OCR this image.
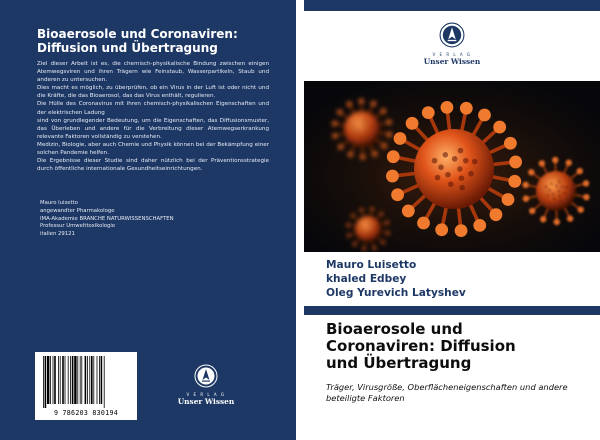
Bioaerosole und Coronaviren:
Diffusion und Übertragung

Ziel dieser Arbeit ist es, die chemisch-physikalische Bindung zwischen einigen Atemwegsviren und ihren Trägern wie Feinstaub, Wasserpartikeln, Staub und anderen zu untersuchen.

Dies macht es möglich, zu überprüfen, ob ein Virus in der Luft ist oder nicht und die Kräfte, die das Bioaerosol, das das Virus enthält, regulieren.

Die Hülle des Coronavirus mit ihren chemisch-physikalischen Eigenschaften und der elektrischen Ladung

sind von grundlegender Bedeutung, um die Eigenschaften, das Diffusionsmuster, das Überleben und andere für die Verbreitung dieser Atemwegserkrankung relevante Faktoren vollständig zu verstehen.

Medizin, Biologie, aber auch Chemie und Physik können bei der Bekämpfung einer solchen Pandemie helfen.

Die Ergebnisse dieser Studie sind daher nützlich bei der Präventionsstrategie durch öffentliche internationale Gesundheitseinrichtungen.

Mauro luisetto
angewandter Pharmakologe
IMA-Akademie BRANCHE NATURWISSENSCHAFTEN
Professur Umwelttoxikologie
italien 29121
9 786203 830194
V E R L A G
Unser Wissen
V E R L A G
Unser Wissen
Mauro Luisetto
khaled Edbey
Oleg Yurevich Latyshev
Bioaerosole und
Coronaviren: Diffusion
und Übertragung
Träger, Virusgröße, Oberflächeneigenschaften und andere beteiligte Faktoren
